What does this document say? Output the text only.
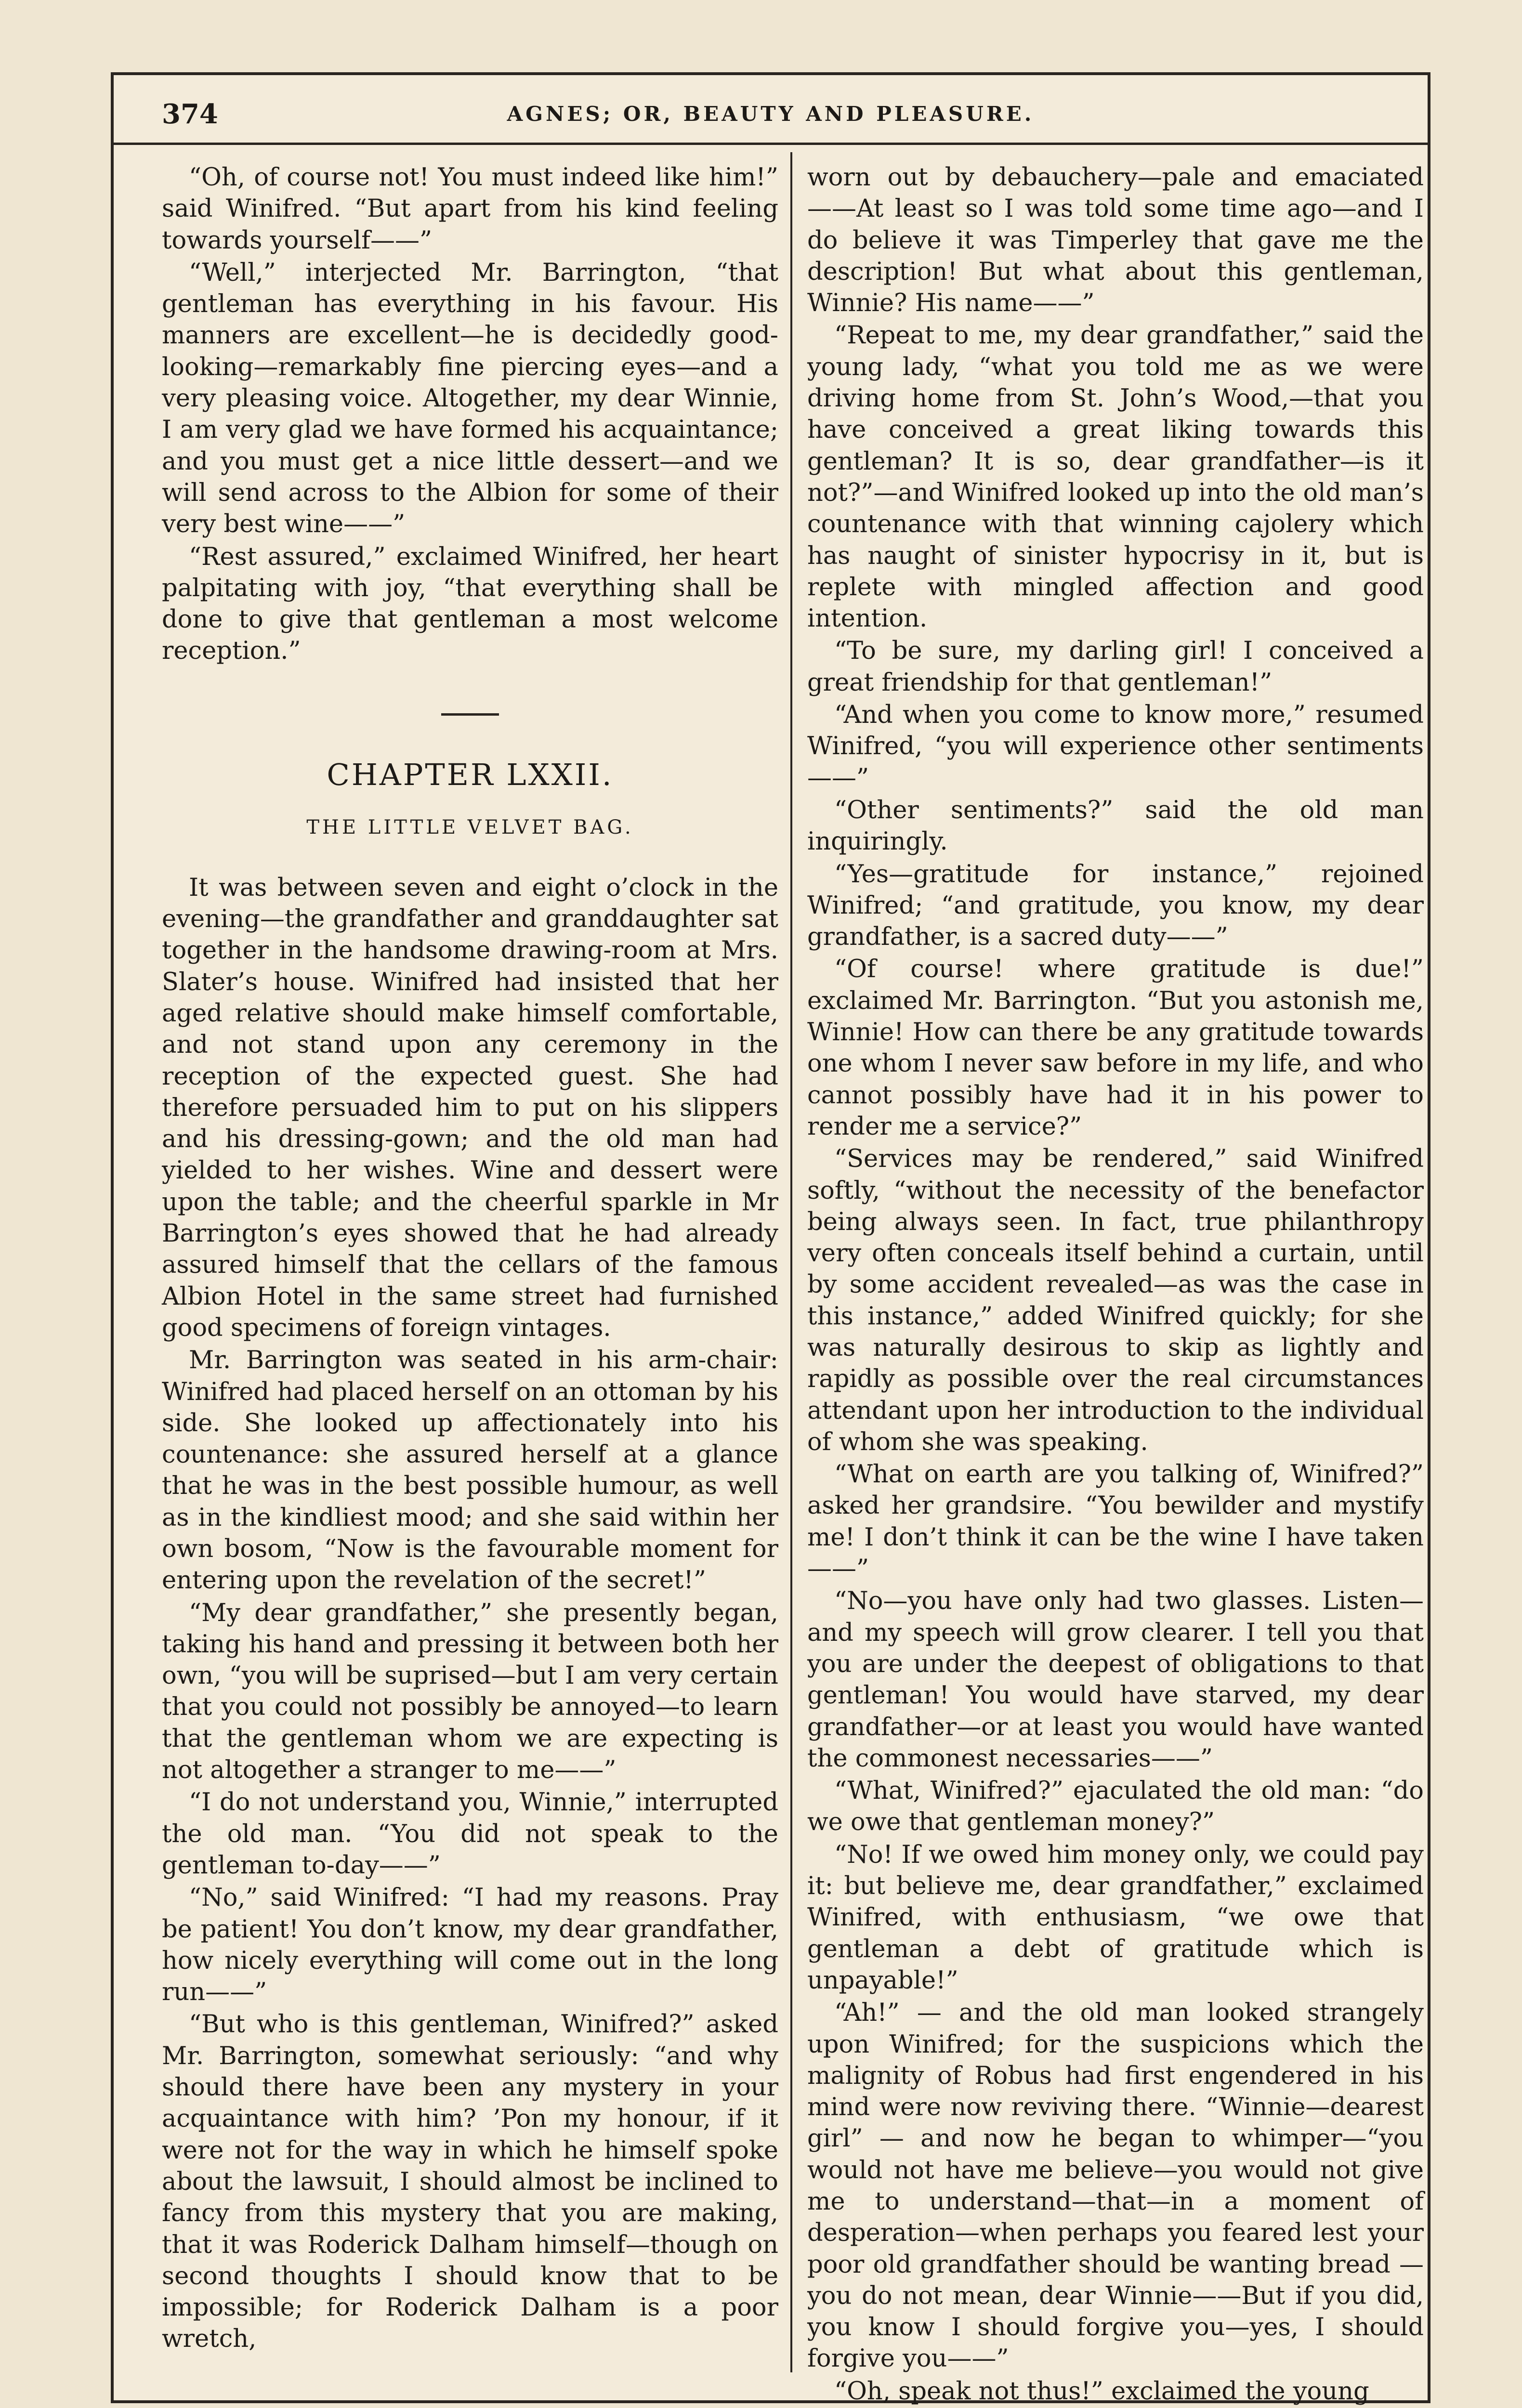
374	AGNES; OR, BEAUTY AND PLEASURE.

“Oh, of course not! You must indeed like him!” said Winifred. “But apart from his kind feeling towards yourself——”

“Well,” interjected Mr. Barrington, “that gentleman has everything in his favour. His manners are excellent—he is decidedly good-looking—remarkably fine piercing eyes—and a very pleasing voice. Altogether, my dear Winnie, I am very glad we have formed his acquaintance; and you must get a nice little dessert—and we will send across to the Albion for some of their very best wine——”

“Rest assured,” exclaimed Winifred, her heart palpitating with joy, “that everything shall be done to give that gentleman a most welcome reception.”

CHAPTER LXXII.
THE LITTLE VELVET BAG.

It was between seven and eight o’clock in the evening—the grandfather and granddaughter sat together in the handsome drawing-room at Mrs. Slater’s house. Winifred had insisted that her aged relative should make himself comfortable, and not stand upon any ceremony in the reception of the expected guest. She had therefore persuaded him to put on his slippers and his dressing-gown; and the old man had yielded to her wishes. Wine and dessert were upon the table; and the cheerful sparkle in Mr Barrington’s eyes showed that he had already assured himself that the cellars of the famous Albion Hotel in the same street had furnished good specimens of foreign vintages.

Mr. Barrington was seated in his arm-chair: Winifred had placed herself on an ottoman by his side. She looked up affectionately into his countenance: she assured herself at a glance that he was in the best possible humour, as well as in the kindliest mood; and she said within her own bosom, “Now is the favourable moment for entering upon the revelation of the secret!”

“My dear grandfather,” she presently began, taking his hand and pressing it between both her own, “you will be suprised—but I am very certain that you could not possibly be annoyed—to learn that the gentleman whom we are expecting is not altogether a stranger to me——”

“I do not understand you, Winnie,” interrupted the old man. “You did not speak to the gentleman to-day——”

“No,” said Winifred: “I had my reasons. Pray be patient! You don’t know, my dear grandfather, how nicely everything will come out in the long run——”

“But who is this gentleman, Winifred?” asked Mr. Barrington, somewhat seriously: “and why should there have been any mystery in your acquaintance with him? ’Pon my honour, if it were not for the way in which he himself spoke about the lawsuit, I should almost be inclined to fancy from this mystery that you are making, that it was Roderick Dalham himself—though on second thoughts I should know that to be impossible; for Roderick Dalham is a poor wretch,

worn out by debauchery—pale and emaciated——At least so I was told some time ago—and I do believe it was Timperley that gave me the description! But what about this gentleman, Winnie? His name——”

“Repeat to me, my dear grandfather,” said the young lady, “what you told me as we were driving home from St. John’s Wood,—that you have conceived a great liking towards this gentleman? It is so, dear grandfather—is it not?”—and Winifred looked up into the old man’s countenance with that winning cajolery which has naught of sinister hypocrisy in it, but is replete with mingled affection and good intention.

“To be sure, my darling girl! I conceived a great friendship for that gentleman!”

“And when you come to know more,” resumed Winifred, “you will experience other sentiments——”

“Other sentiments?” said the old man inquiringly.

“Yes—gratitude for instance,” rejoined Winifred; “and gratitude, you know, my dear grandfather, is a sacred duty——”

“Of course! where gratitude is due!” exclaimed Mr. Barrington. “But you astonish me, Winnie! How can there be any gratitude towards one whom I never saw before in my life, and who cannot possibly have had it in his power to render me a service?”

“Services may be rendered,” said Winifred softly, “without the necessity of the benefactor being always seen. In fact, true philanthropy very often conceals itself behind a curtain, until by some accident revealed—as was the case in this instance,” added Winifred quickly; for she was naturally desirous to skip as lightly and rapidly as possible over the real circumstances attendant upon her introduction to the individual of whom she was speaking.

“What on earth are you talking of, Winifred?” asked her grandsire. “You bewilder and mystify me! I don’t think it can be the wine I have taken——”

“No—you have only had two glasses. Listen—and my speech will grow clearer. I tell you that you are under the deepest of obligations to that gentleman! You would have starved, my dear grandfather—or at least you would have wanted the commonest necessaries——”

“What, Winifred?” ejaculated the old man: “do we owe that gentleman money?”

“No! If we owed him money only, we could pay it: but believe me, dear grandfather,” exclaimed Winifred, with enthusiasm, “we owe that gentleman a debt of gratitude which is unpayable!”

“Ah!” — and the old man looked strangely upon Winifred; for the suspicions which the malignity of Robus had first engendered in his mind were now reviving there. “Winnie—dearest girl” — and now he began to whimper—“you would not have me believe—you would not give me to understand—that—in a moment of desperation—when perhaps you feared lest your poor old grandfather should be wanting bread — you do not mean, dear Winnie——But if you did, you know I should forgive you—yes, I should forgive you——”

“Oh, speak not thus!” exclaimed the young
